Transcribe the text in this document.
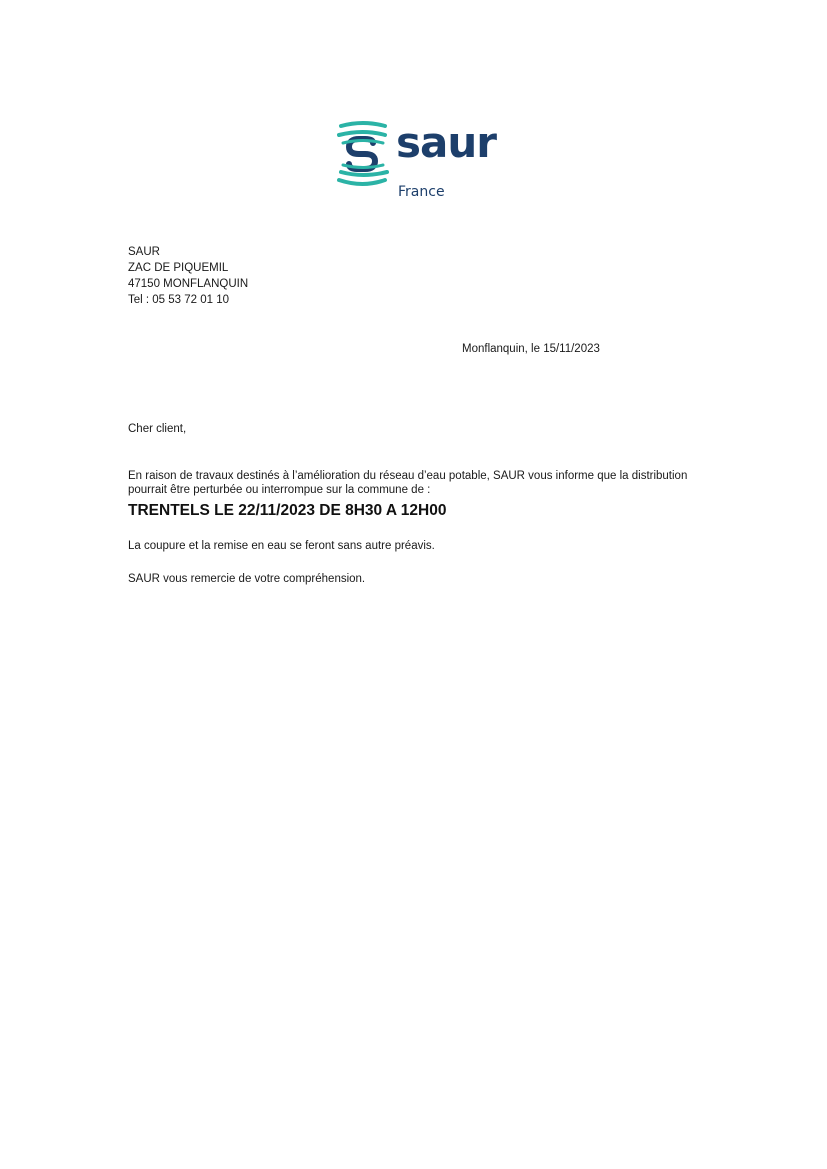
saur
France
SAUR
ZAC DE PIQUEMIL
47150 MONFLANQUIN
Tel : 05 53 72 01 10
Monflanquin, le 15/11/2023
Cher client,
En raison de travaux destinés à l’amélioration du réseau d’eau potable, SAUR vous informe que la distribution
pourrait être perturbée ou interrompue sur la commune de :
TRENTELS LE 22/11/2023 DE 8H30 A 12H00
La coupure et la remise en eau se feront sans autre préavis.
SAUR vous remercie de votre compréhension.
